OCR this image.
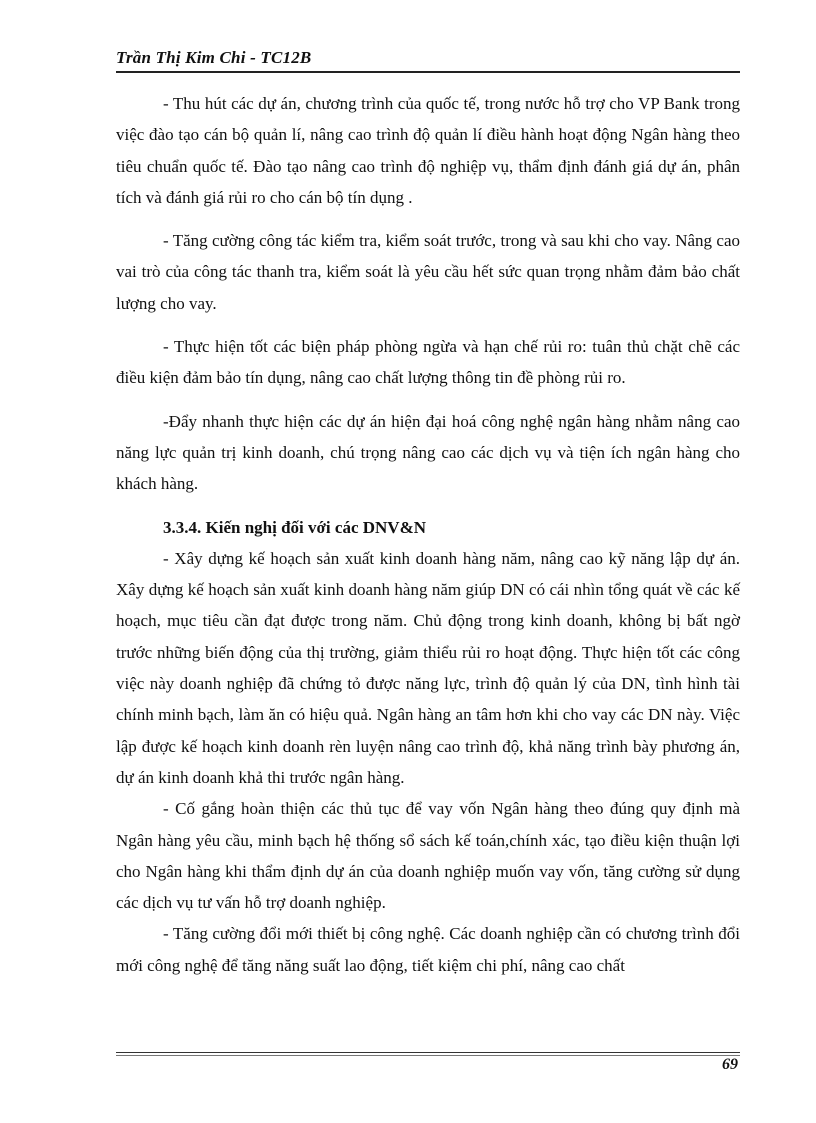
Trần Thị Kim Chi - TC12B

- Thu hút các dự án, chương trình của quốc tế, trong nước hỗ trợ cho VP Bank trong việc đào tạo cán bộ quản lí, nâng cao trình độ quản lí điều hành hoạt động Ngân hàng theo tiêu chuẩn quốc tế. Đào tạo nâng cao trình độ nghiệp vụ, thẩm định đánh giá dự án, phân tích và đánh giá rủi ro cho cán bộ tín dụng .

- Tăng cường công tác kiểm tra, kiểm soát trước, trong và sau khi cho vay. Nâng cao vai trò của công tác thanh tra, kiểm soát là yêu cầu hết sức quan trọng nhằm đảm bảo chất lượng cho vay.

- Thực hiện tốt các biện pháp phòng ngừa và hạn chế rủi ro: tuân thủ chặt chẽ các điều kiện đảm bảo tín dụng, nâng cao chất lượng thông tin đề phòng rủi ro.

-Đẩy nhanh thực hiện các dự án hiện đại hoá công nghệ ngân hàng nhằm nâng cao năng lực quản trị kinh doanh, chú trọng nâng cao các dịch vụ và tiện ích ngân hàng cho khách hàng.

3.3.4. Kiến nghị đối với các DNV&N

- Xây dựng kế hoạch sản xuất kinh doanh hàng năm, nâng cao kỹ năng lập dự án. Xây dựng kế hoạch sản xuất kinh doanh hàng năm giúp DN có cái nhìn tổng quát về các kế hoạch, mục tiêu cần đạt được trong năm. Chủ động trong kinh doanh, không bị bất ngờ trước những biến động của thị trường, giảm thiểu rủi ro hoạt động. Thực hiện tốt các công việc này doanh nghiệp đã chứng tỏ được năng lực, trình độ quản lý của DN, tình hình tài chính minh bạch, làm ăn có hiệu quả. Ngân hàng an tâm hơn khi cho vay các DN này. Việc lập được kế hoạch kinh doanh rèn luyện nâng cao trình độ, khả năng trình bày phương án, dự án kinh doanh khả thi trước ngân hàng.

- Cố gắng hoàn thiện các thủ tục để vay vốn Ngân hàng theo đúng quy định mà Ngân hàng yêu cầu, minh bạch hệ thống sổ sách kế toán,chính xác, tạo điều kiện thuận lợi cho Ngân hàng khi thẩm định dự án của doanh nghiệp muốn vay vốn, tăng cường sử dụng các dịch vụ tư vấn hỗ trợ doanh nghiệp.

- Tăng cường đổi mới thiết bị công nghệ. Các doanh nghiệp cần có chương trình đổi mới công nghệ để tăng năng suất lao động, tiết kiệm chi phí, nâng cao chất

69
